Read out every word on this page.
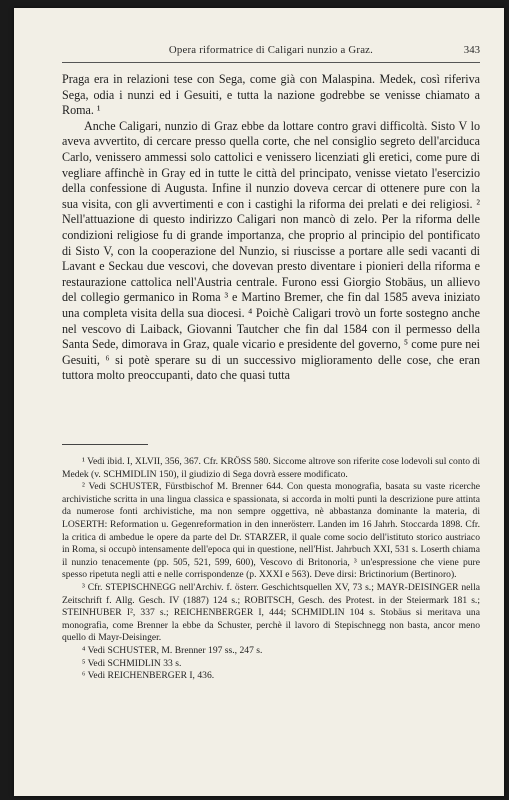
Opera riformatrice di Caligari nunzio a Graz.	343

Praga era in relazioni tese con Sega, come già con Malaspina. Medek, così riferiva Sega, odia i nunzi ed i Gesuiti, e tutta la nazione godrebbe se venisse chiamato a Roma. ¹

Anche Caligari, nunzio di Graz ebbe da lottare contro gravi difficoltà. Sisto V lo aveva avvertito, di cercare presso quella corte, che nel consiglio segreto dell'arciduca Carlo, venissero ammessi solo cattolici e venissero licenziati gli eretici, come pure di vegliare affinchè in Gray ed in tutte le città del principato, venisse vietato l'esercizio della confessione di Augusta. Infine il nunzio doveva cercar di ottenere pure con la sua visita, con gli avvertimenti e con i castighi la riforma dei prelati e dei religiosi. ² Nell'attuazione di questo indirizzo Caligari non mancò di zelo. Per la riforma delle condizioni religiose fu di grande importanza, che proprio al principio del pontificato di Sisto V, con la cooperazione del Nunzio, si riuscisse a portare alle sedi vacanti di Lavant e Seckau due vescovi, che dovevan presto diventare i pionieri della riforma e restaurazione cattolica nell'Austria centrale. Furono essi Giorgio Stobäus, un allievo del collegio germanico in Roma ³ e Martino Bremer, che fin dal 1585 aveva iniziato una completa visita della sua diocesi. ⁴ Poichè Caligari trovò un forte sostegno anche nel vescovo di Laiback, Giovanni Tautcher che fin dal 1584 con il permesso della Santa Sede, dimorava in Graz, quale vicario e presidente del governo, ⁵ come pure nei Gesuiti, ⁶ si potè sperare su di un successivo miglioramento delle cose, che eran tuttora molto preoccupanti, dato che quasi tutta

¹ Vedi ibid. I, XLVII, 356, 367. Cfr. KRÖSS 580. Siccome altrove son riferite cose lodevoli sul conto di Medek (v. SCHMIDLIN 150), il giudizio di Sega dovrà essere modificato.

² Vedi SCHUSTER, Fürstbischof M. Brenner 644. Con questa monografia, basata su vaste ricerche archivistiche scritta in una lingua classica e spassionata, si accorda in molti punti la descrizione pure attinta da numerose fonti archivistiche, ma non sempre oggettiva, nè abbastanza dominante la materia, di LOSERTH: Reformation u. Gegenreformation in den innerösterr. Landen im 16 Jahrh. Stoccarda 1898. Cfr. la critica di ambedue le opere da parte del Dr. STARZER, il quale come socio dell'istituto storico austriaco in Roma, si occupò intensamente dell'epoca qui in questione, nell'Hist. Jahrbuch XXI, 531 s. Loserth chiama il nunzio tenacemente (pp. 505, 521, 599, 600), Vescovo di Britonoria, ³ un'espressione che viene pure spesso ripetuta negli atti e nelle corrispondenze (p. XXXI e 563). Deve dirsi: Brictinorium (Bertinoro).

³ Cfr. STEPISCHNEGG nell'Archiv. f. österr. Geschichtsquellen XV, 73 s.; MAYR-DEISINGER nella Zeitschrift f. Allg. Gesch. IV (1887) 124 s.; ROBITSCH, Gesch. des Protest. in der Steiermark 181 s.; STEINHUBER I², 337 s.; REICHENBERGER I, 444; SCHMIDLIN 104 s. Stobäus si meritava una monografia, come Brenner la ebbe da Schuster, perchè il lavoro di Stepischnegg non basta, ancor meno quello di Mayr-Deisinger.

⁴ Vedi SCHUSTER, M. Brenner 197 ss., 247 s.

⁵ Vedi SCHMIDLIN 33 s.

⁶ Vedi REICHENBERGER I, 436.
